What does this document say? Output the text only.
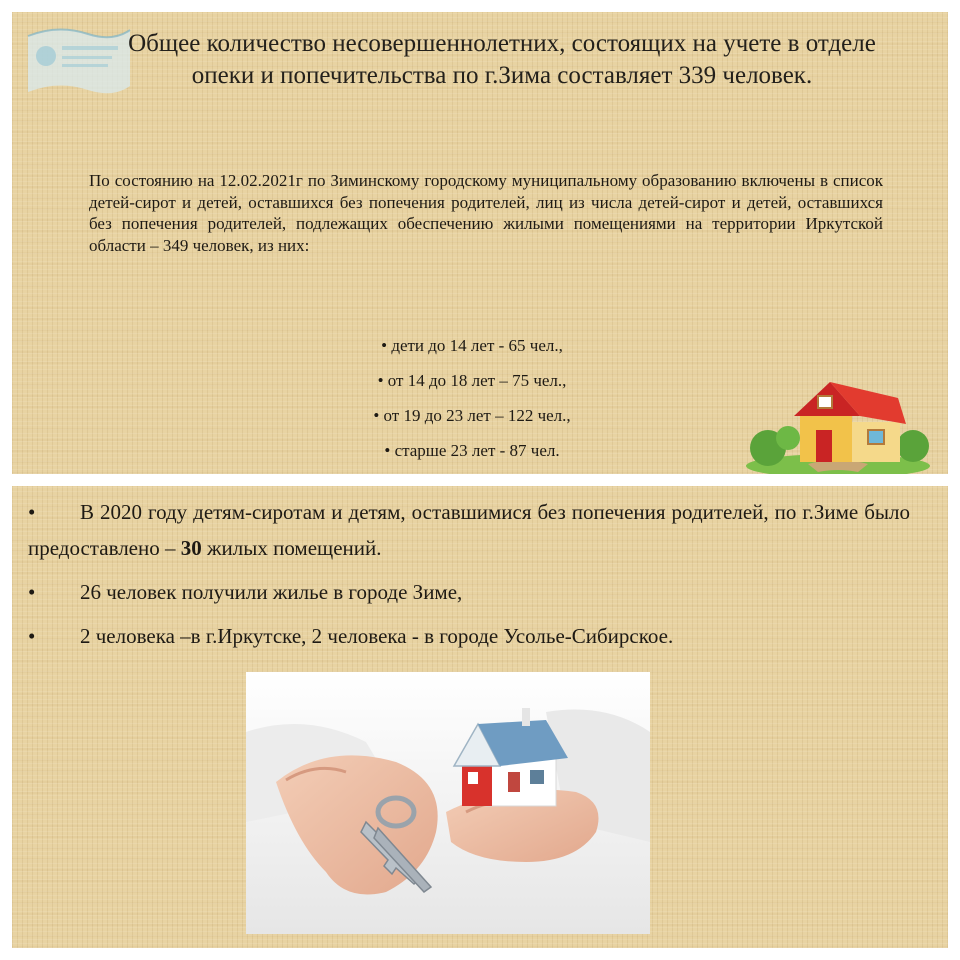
Общее количество несовершеннолетних, состоящих на учете в отделе опеки и попечительства по г.Зима составляет 339 человек.
По состоянию на 12.02.2021г по Зиминскому городскому муниципальному образованию включены в список детей-сирот и детей, оставшихся без попечения родителей, лиц из числа детей-сирот и детей, оставшихся без попечения родителей, подлежащих обеспечению жилыми помещениями на территории Иркутской области – 349 человек, из них:
• дети до 14 лет - 65 чел.,
• от 14 до 18 лет – 75 чел.,
• от 19 до 23 лет – 122 чел.,
• старше 23 лет - 87 чел.
• В 2020 году детям-сиротам и детям, оставшимися без попечения родителей, по г.Зиме было предоставлено – 30 жилых помещений.
• 26 человек получили жилье в городе Зиме,
• 2 человека –в г.Иркутске, 2 человека - в городе Усолье-Сибирское.
